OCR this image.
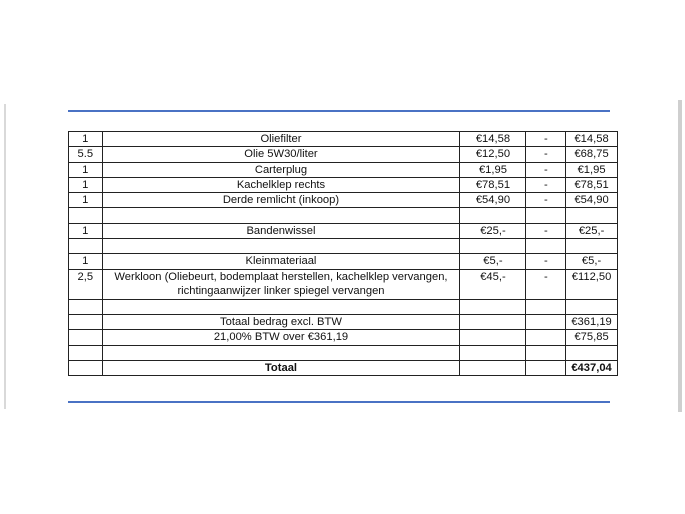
1	Oliefilter	€14,58	-	€14,58
5.5	Olie 5W30/liter	€12,50	-	€68,75
1	Carterplug	€1,95	-	€1,95
1	Kachelklep rechts	€78,51	-	€78,51
1	Derde remlicht (inkoop)	€54,90	-	€54,90

1	Bandenwissel	€25,-	-	€25,-

1	Kleinmateriaal	€5,-	-	€5,-
2,5	Werkloon (Oliebeurt, bodemplaat herstellen, kachelklep vervangen, richtingaanwijzer linker spiegel vervangen	€45,-	-	€112,50

	Totaal bedrag excl. BTW			€361,19
	21,00% BTW over €361,19			€75,85

	Totaal			€437,04
